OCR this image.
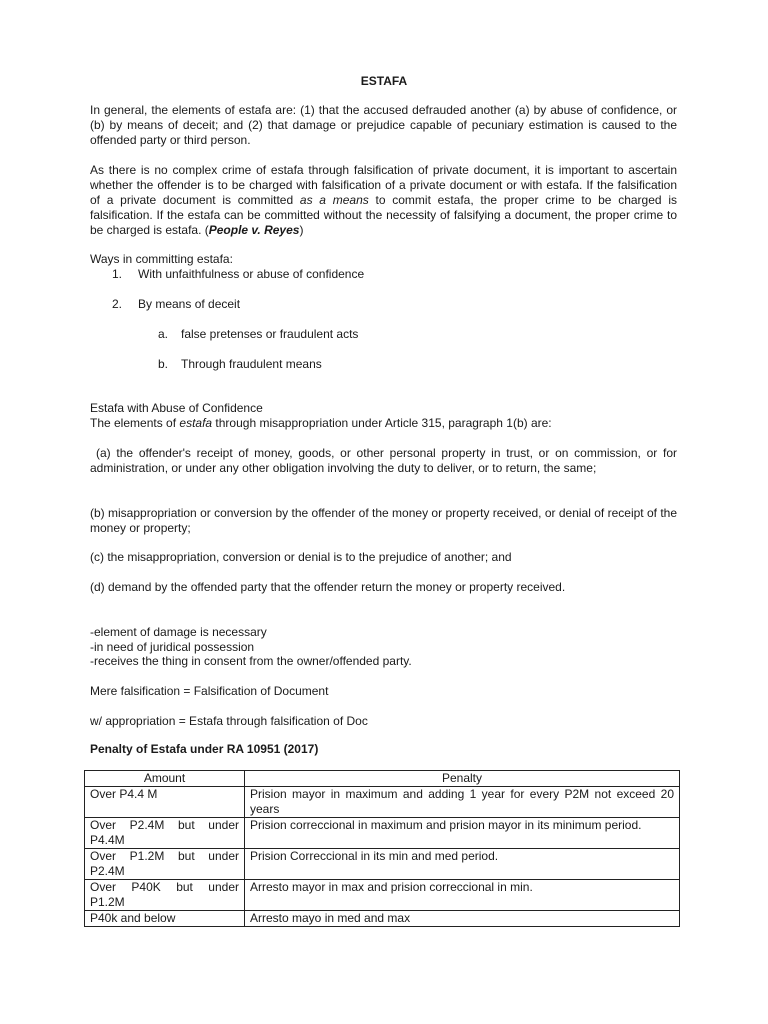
ESTAFA

In general, the elements of estafa are: (1) that the accused defrauded another (a) by abuse of confidence, or (b) by means of deceit; and (2) that damage or prejudice capable of pecuniary estimation is caused to the offended party or third person.

As there is no complex crime of estafa through falsification of private document, it is important to ascertain whether the offender is to be charged with falsification of a private document or with estafa. If the falsification of a private document is committed as a means to commit estafa, the proper crime to be charged is falsification. If the estafa can be committed without the necessity of falsifying a document, the proper crime to be charged is estafa. (People v. Reyes)

Ways in committing estafa:

1. With unfaithfulness or abuse of confidence

2. By means of deceit

a. false pretenses or fraudulent acts

b. Through fraudulent means

Estafa with Abuse of Confidence

The elements of estafa through misappropriation under Article 315, paragraph 1(b) are:

(a) the offender's receipt of money, goods, or other personal property in trust, or on commission, or for administration, or under any other obligation involving the duty to deliver, or to return, the same;

(b) misappropriation or conversion by the offender of the money or property received, or denial of receipt of the money or property;

(c) the misappropriation, conversion or denial is to the prejudice of another; and

(d) demand by the offended party that the offender return the money or property received.

-element of damage is necessary

-in need of juridical possession

-receives the thing in consent from the owner/offended party.

Mere falsification = Falsification of Document

w/ appropriation = Estafa through falsification of Doc

Penalty of Estafa under RA 10951 (2017)

Amount	Penalty
Over P4.4 M	Prision mayor in maximum and adding 1 year for every P2M not exceed 20 years
Over P2.4M but under P4.4M	Prision correccional in maximum and prision mayor in its minimum period.
Over P1.2M but under P2.4M	Prision Correccional in its min and med period.
Over P40K but under P1.2M	Arresto mayor in max and prision correccional in min.
P40k and below	Arresto mayo in med and max
